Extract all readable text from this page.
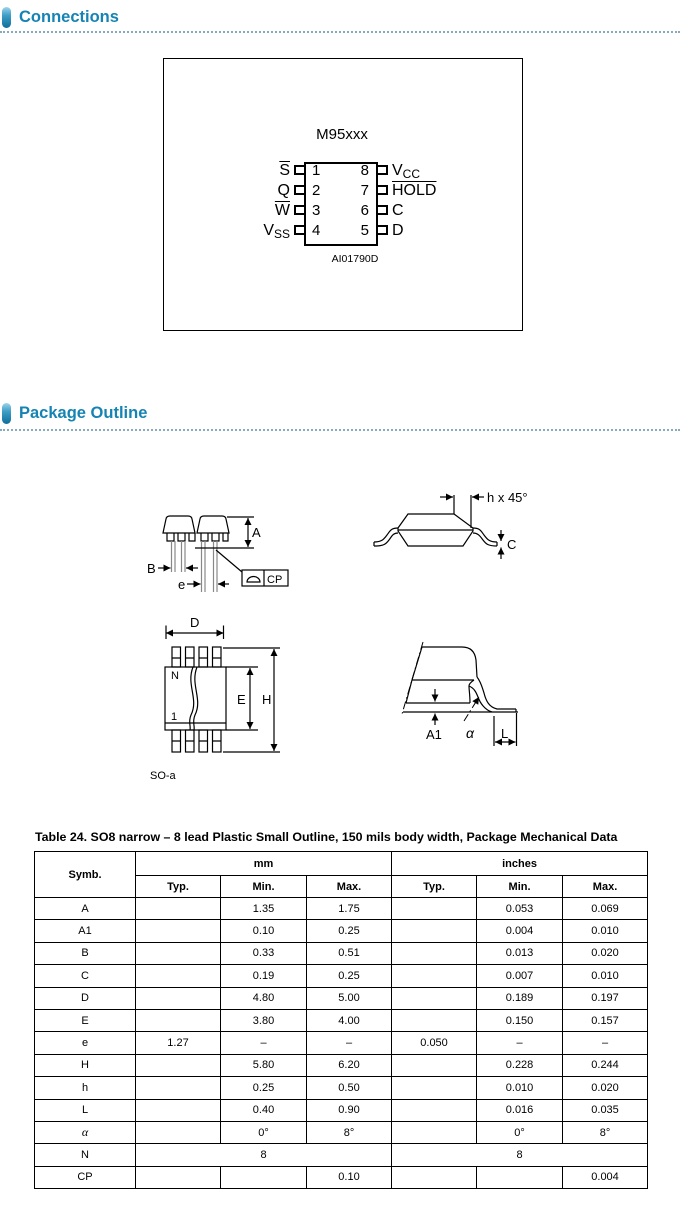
Connections
M95xxx
1
2
3
4
$\overline{S}$
Q
$\overline{W}$
VSS
8
7
6
5
VCC
HOLD
C
D
AI01790D
Package Outline
A
B
e	CP
h x 45°
C
D
N
1
E H
SO-a
A1 α L
Table 24. SO8 narrow – 8 lead Plastic Small Outline, 150 mils body width, Package Mechanical Data
Symb.	mm			inches		
	Typ.	Min.	Max.	Typ.	Min.	Max.
A		1.35	1.75		0.053	0.069
A1		0.10	0.25		0.004	0.010
B		0.33	0.51		0.013	0.020
C		0.19	0.25		0.007	0.010
D		4.80	5.00		0.189	0.197
E		3.80	4.00		0.150	0.157
e	1.27	–	–	0.050	–	–
H		5.80	6.20		0.228	0.244
h		0.25	0.50		0.010	0.020
L		0.40	0.90		0.016	0.035
α		0°	8°		0°	8°
N	8			8		
CP			0.10			0.004
